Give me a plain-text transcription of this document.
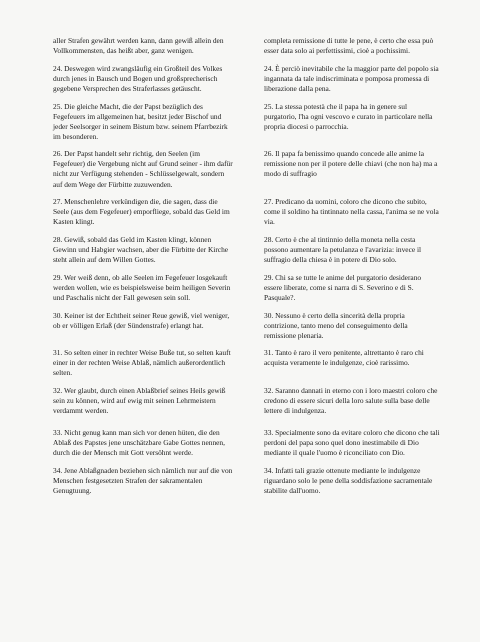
aller Strafen gewährt werden kann, dann gewiß allein den Vollkommensten, das heißt aber, ganz wenigen.
completa remissione di tutte le pene, è certo che essa può esser data solo ai perfettissimi, cioè a pochissimi.
24. Deswegen wird zwangsläufig ein Großteil des Volkes durch jenes in Bausch und Bogen und großsprecherisch gegebene Versprechen des Straferlasses getäuscht.
24. È perciò inevitabile che la maggior parte del popolo sia ingannata da tale indiscriminata e pomposa promessa di liberazione dalla pena.
25. Die gleiche Macht, die der Papst bezüglich des Fegefeuers im allgemeinen hat, besitzt jeder Bischof und jeder Seelsorger in seinem Bistum bzw. seinem Pfarrbezirk im besonderen.
25. La stessa potestà che il papa ha in genere sul purgatorio, l'ha ogni vescovo e curato in particolare nella propria diocesi o parrocchia.
26. Der Papst handelt sehr richtig, den Seelen (im Fegefeuer) die Vergebung nicht auf Grund seiner - ihm dafür nicht zur Verfügung stehenden - Schlüsselgewalt, sondern auf dem Wege der Fürbitte zuzuwenden.
26. Il papa fa benissimo quando concede alle anime la remissione non per il potere delle chiavi (che non ha) ma a modo di suffragio
27. Menschenlehre verkündigen die, die sagen, dass die Seele (aus dem Fegefeuer) emporfliege, sobald das Geld im Kasten klingt.
27. Predicano da uomini, coloro che dicono che subito, come il soldino ha tintinnato nella cassa, l'anima se ne vola via.
28. Gewiß, sobald das Geld im Kasten klingt, können Gewinn und Habgier wachsen, aber die Fürbitte der Kirche steht allein auf dem Willen Gottes.
28. Certo è che al tintinnio della moneta nella cesta possono aumentare la petulanza e l'avarizia: invece il suffragio della chiesa è in potere di Dio solo.
29. Wer weiß denn, ob alle Seelen im Fegefeuer losgekauft werden wollen, wie es beispielsweise beim heiligen Severin und Paschalis nicht der Fall gewesen sein soll.
29. Chi sa se tutte le anime del purgatorio desiderano essere liberate, come si narra di S. Severino e di S. Pasquale?.
30. Keiner ist der Echtheit seiner Reue gewiß, viel weniger, ob er völligen Erlaß (der Sündenstrafe) erlangt hat.
30. Nessuno è certo della sincerità della propria contrizione, tanto meno del conseguimento della remissione plenaria.
31. So selten einer in rechter Weise Buße tut, so selten kauft einer in der rechten Weise Ablaß, nämlich außerordentlich selten.
31. Tanto è raro il vero penitente, altrettanto è raro chi acquista veramente le indulgenze, cioè rarissimo.
32. Wer glaubt, durch einen Ablaßbrief seines Heils gewiß sein zu können, wird auf ewig mit seinen Lehrmeistern verdammt werden.
32. Saranno dannati in eterno con i loro maestri coloro che credono di essere sicuri della loro salute sulla base delle lettere di indulgenza.
33. Nicht genug kann man sich vor denen hüten, die den Ablaß des Papstes jene unschätzbare Gabe Gottes nennen, durch die der Mensch mit Gott versöhnt werde.
33. Specialmente sono da evitare coloro che dicono che tali perdoni del papa sono quel dono inestimabile di Dio mediante il quale l'uomo è riconciliato con Dio.
34. Jene Ablaßgnaden beziehen sich nämlich nur auf die von Menschen festgesetzten Strafen der sakramentalen Genugtuung.
34. Infatti tali grazie ottenute mediante le indulgenze riguardano solo le pene della soddisfazione sacramentale stabilite dall'uomo.
